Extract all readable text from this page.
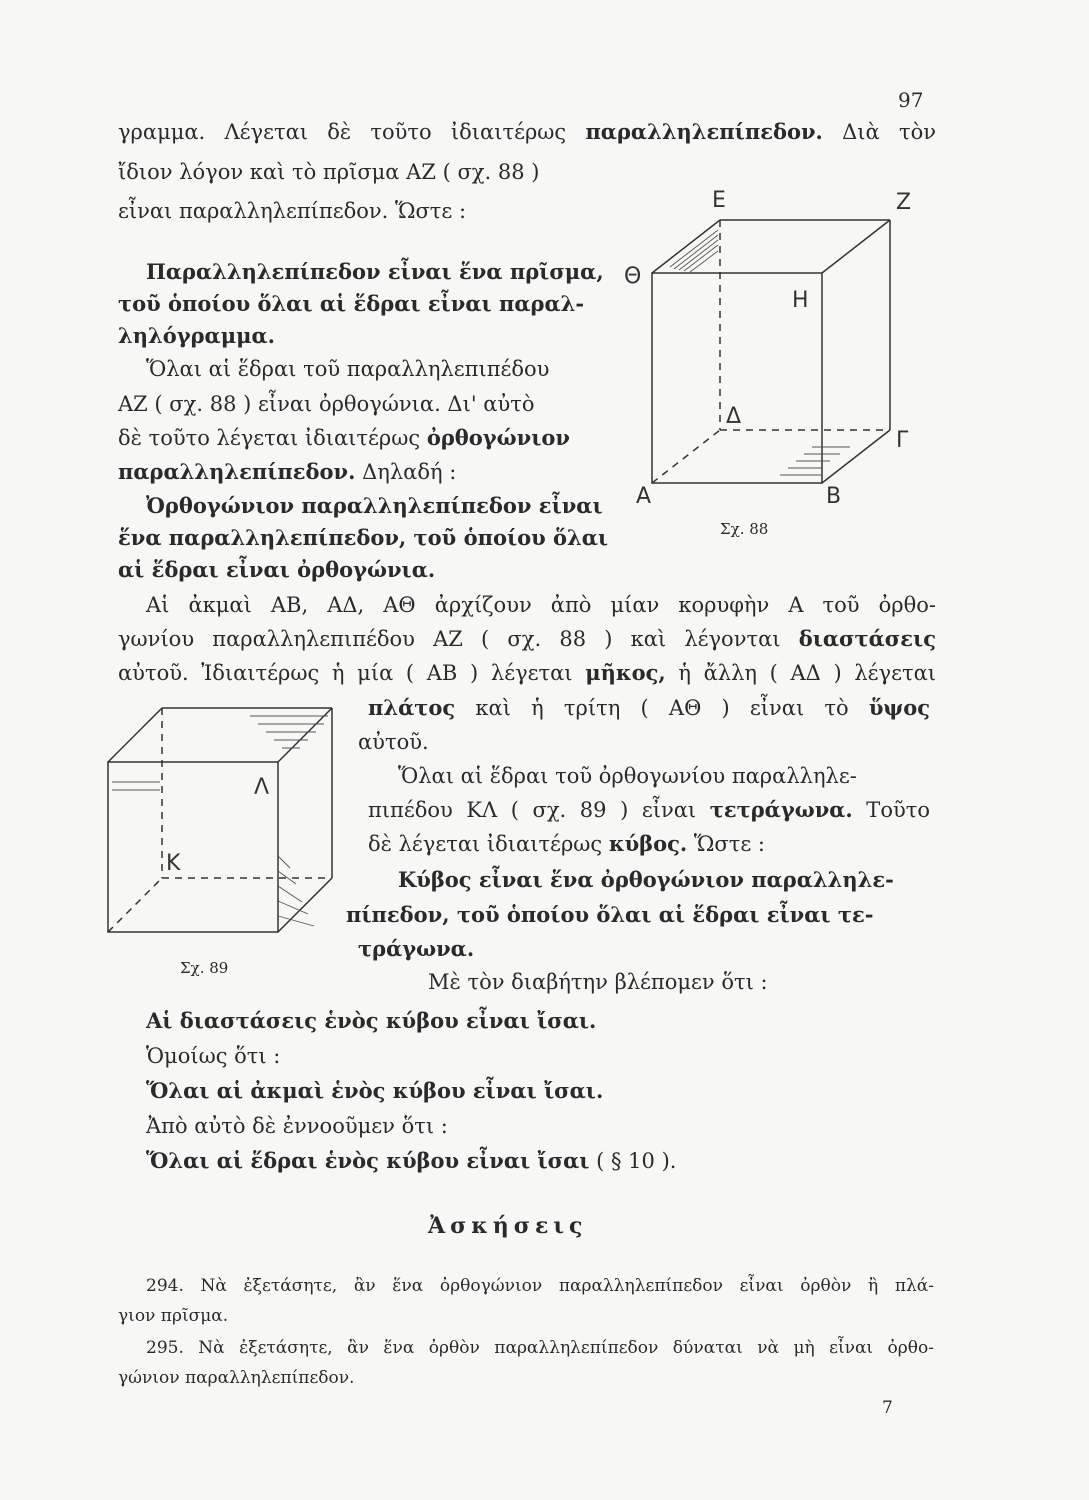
97
γραμμα. Λέγεται δὲ τοῦτο ἰδιαιτέρως παραλληλεπίπεδον. Διὰ τὸν
ἴδιον λόγον καὶ τὸ πρῖσμα ΑΖ ( σχ. 88 )
εἶναι παραλληλεπίπεδον. Ὥστε :
Παραλληλεπίπεδον εἶναι ἕνα πρῖσμα,
τοῦ ὁποίου ὅλαι αἱ ἕδραι εἶναι παραλ-
ληλόγραμμα.
Ὅλαι αἱ ἕδραι τοῦ παραλληλεπιπέδου
ΑΖ ( σχ. 88 ) εἶναι ὀρθογώνια. Δι' αὐτὸ
δὲ τοῦτο λέγεται ἰδιαιτέρως ὀρθογώνιον
παραλληλεπίπεδον. Δηλαδή :
Ὀρθογώνιον παραλληλεπίπεδον εἶναι
ἕνα παραλληλεπίπεδον, τοῦ ὁποίου ὅλαι
αἱ ἕδραι εἶναι ὀρθογώνια.
Αἱ ἀκμαὶ ΑΒ, ΑΔ, ΑΘ ἀρχίζουν ἀπὸ μίαν κορυφὴν Α τοῦ ὀρθο-
γωνίου παραλληλεπιπέδου ΑΖ ( σχ. 88 ) καὶ λέγονται διαστάσεις
αὐτοῦ. Ἰδιαιτέρως ἡ μία ( ΑΒ ) λέγεται μῆκος, ἡ ἄλλη ( ΑΔ ) λέγεται
πλάτος καὶ ἡ τρίτη ( ΑΘ ) εἶναι τὸ ὕψος
αὐτοῦ.
Ὅλαι αἱ ἕδραι τοῦ ὀρθογωνίου παραλληλε-
πιπέδου ΚΛ ( σχ. 89 ) εἶναι τετράγωνα. Τοῦτο
δὲ λέγεται ἰδιαιτέρως κύβος. Ὥστε :
Κύβος εἶναι ἕνα ὀρθογώνιον παραλληλε-
πίπεδον, τοῦ ὁποίου ὅλαι αἱ ἕδραι εἶναι τε-
τράγωνα.
Μὲ τὸν διαβήτην βλέπομεν ὅτι :
Αἱ διαστάσεις ἑνὸς κύβου εἶναι ἴσαι.
Ὁμοίως ὅτι :
Ὅλαι αἱ ἀκμαὶ ἑνὸς κύβου εἶναι ἴσαι.
Ἀπὸ αὐτὸ δὲ ἐννοοῦμεν ὅτι :
Ὅλαι αἱ ἕδραι ἑνὸς κύβου εἶναι ἴσαι ( § 10 ).
Ἀσκήσεις
294. Νὰ ἐξετάσητε, ἂν ἕνα ὀρθογώνιον παραλληλεπίπεδον εἶναι ὀρθὸν ἢ πλά-
γιον πρῖσμα.
295. Νὰ ἐξετάσητε, ἂν ἕνα ὀρθὸν παραλληλεπίπεδον δύναται νὰ μὴ εἶναι ὀρθο-
γώνιον παραλληλεπίπεδον.
7
E	Z
Θ
H
Δ
Γ
A	B
Σχ. 88
Λ
K
Σχ. 89
